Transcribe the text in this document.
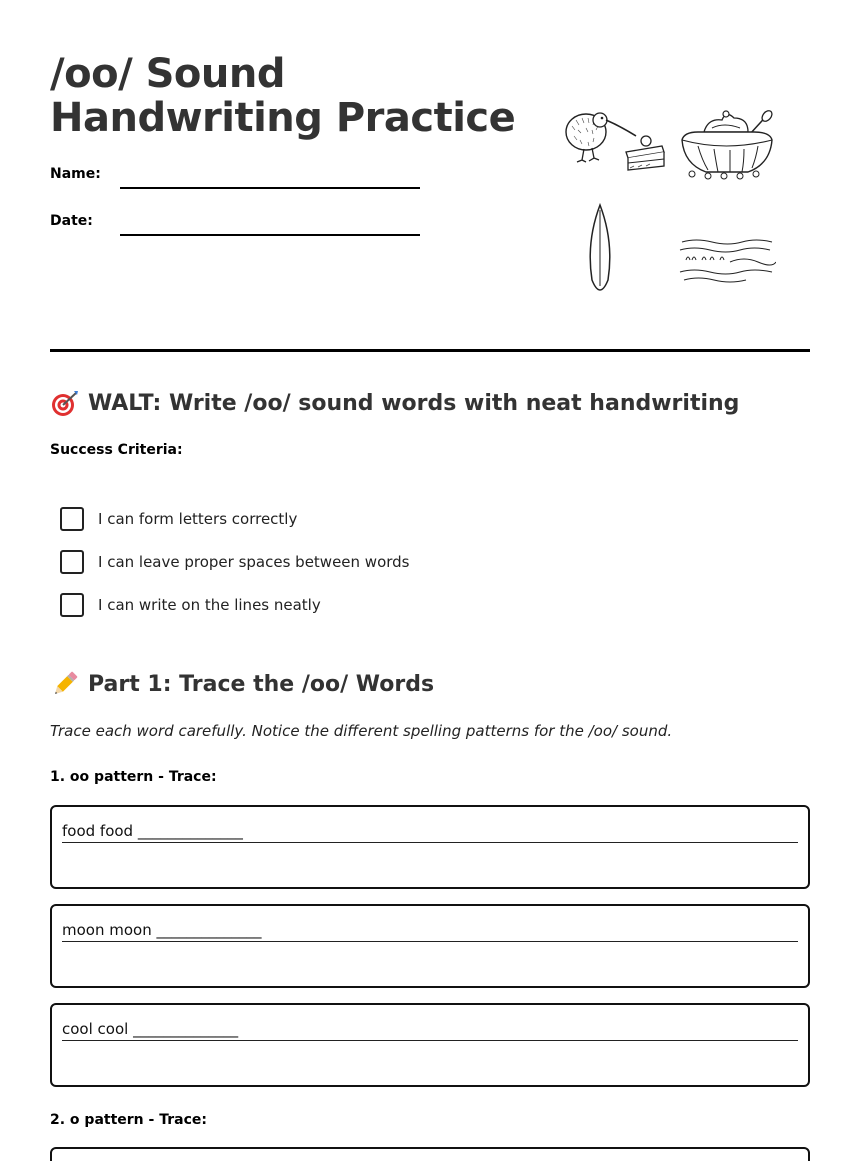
/oo/ Sound
Handwriting Practice
Name:
Date:
WALT: Write /oo/ sound words with neat handwriting
Success Criteria:
I can form letters correctly
I can leave proper spaces between words
I can write on the lines neatly
Part 1: Trace the /oo/ Words
Trace each word carefully. Notice the different spelling patterns for the /oo/ sound.
1. oo pattern - Trace:
food food ______________
moon moon ______________
cool cool ______________
2. o pattern - Trace:
